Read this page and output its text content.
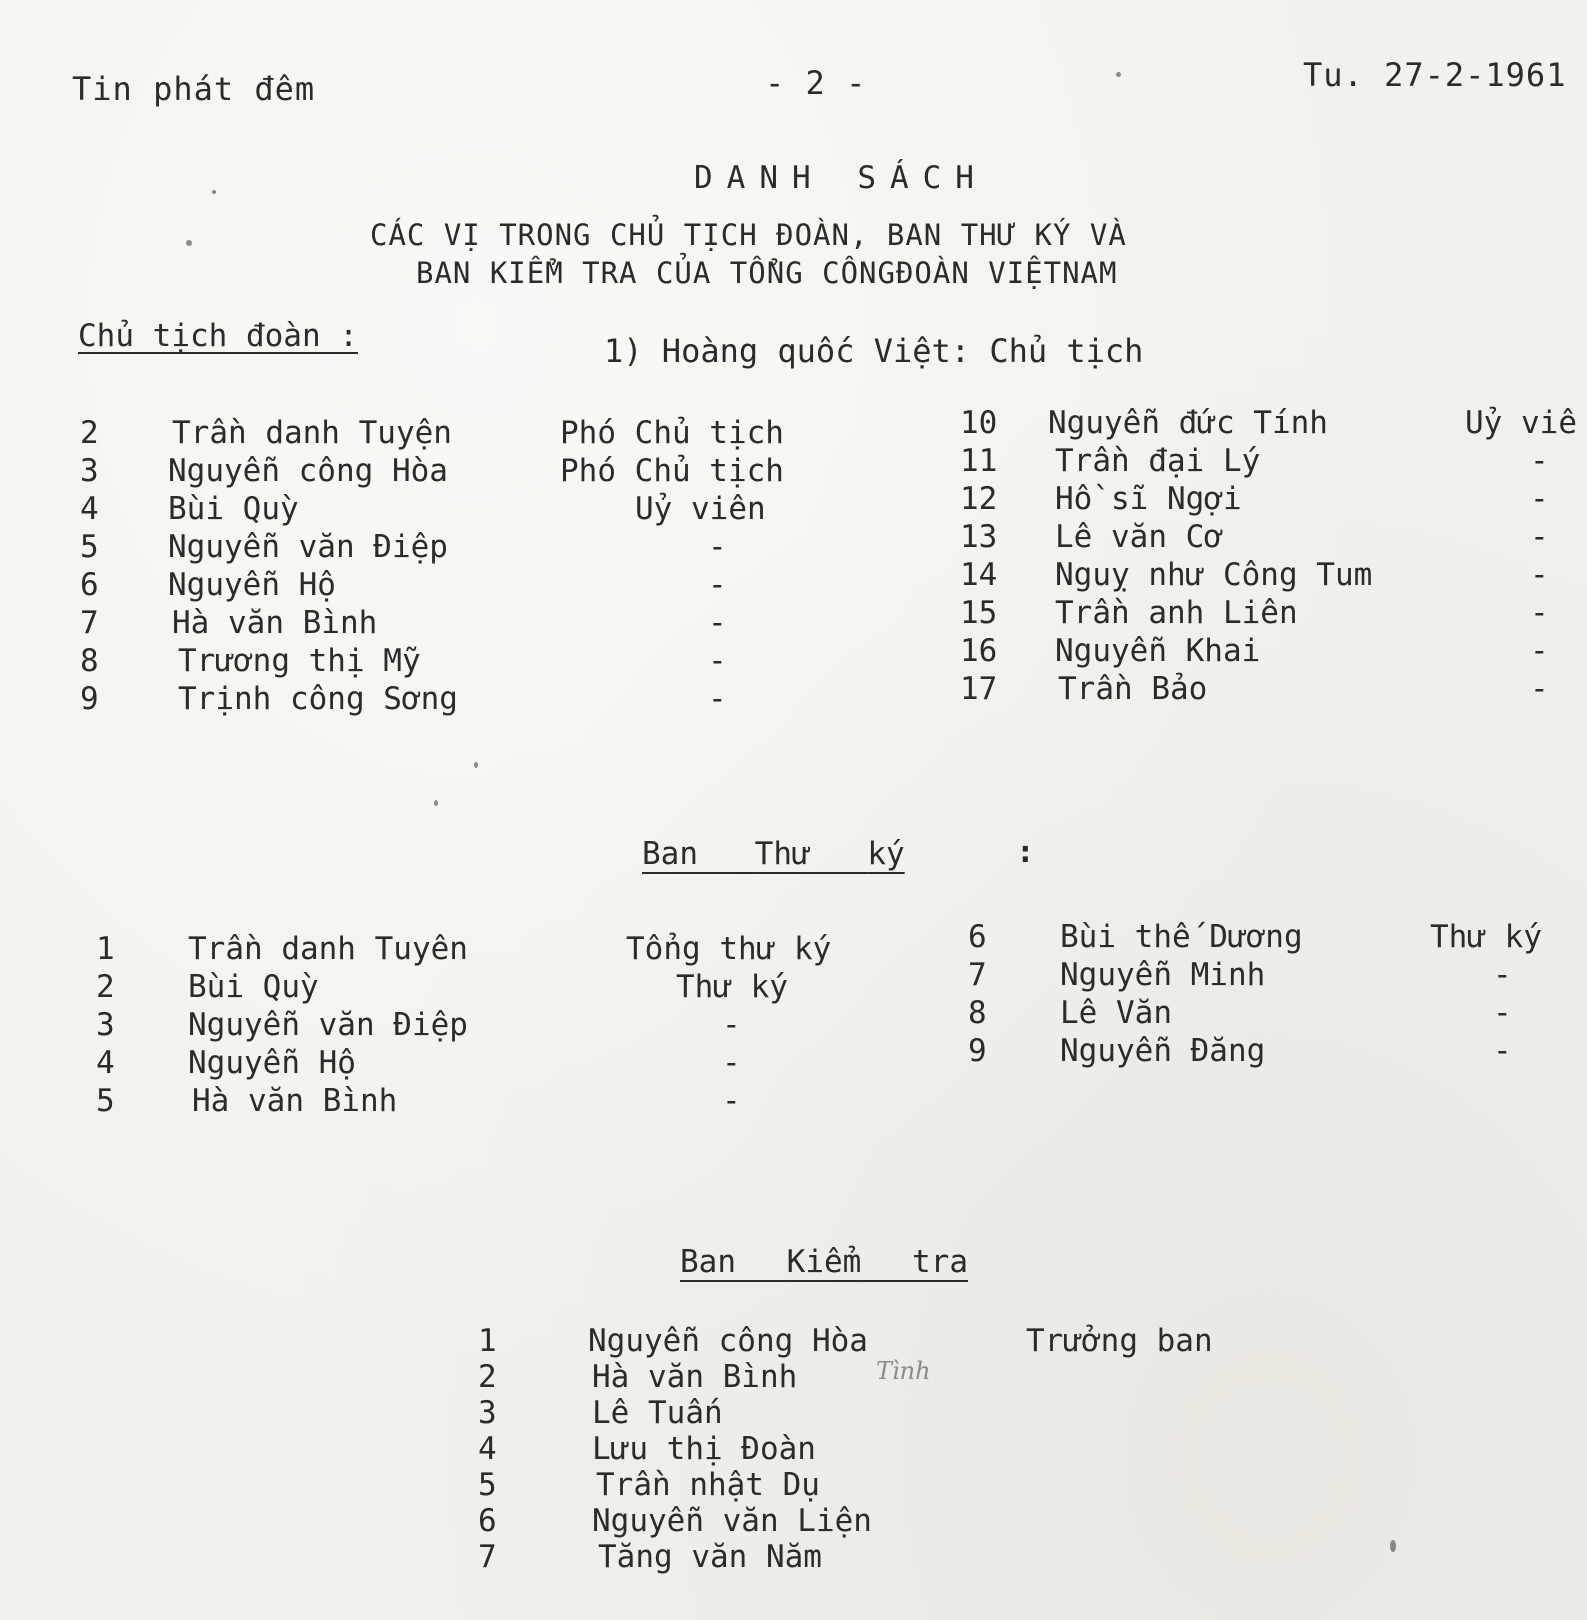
Tin phát đêm	- 2 -	Tu. 27-2-1961
DANH SÁCH
CÁC VỊ TRONG CHỦ TỊCH ĐOÀN, BAN THƯ KÝ VÀ
BAN KIỂM TRA CỦA TỔNG CÔNGĐOÀN VIỆTNAM
Chủ tịch đoàn :	1) Hoàng quốc Việt: Chủ tịch
2 Trần danh Tuyện	Phó Chủ tịch
3 Nguyễn công Hòa	Phó Chủ tịch
4 Bùi Quỳ	Uỷ viên
5 Nguyễn văn Điệp	-
6 Nguyễn Hộ	-
7 Hà văn Bình	-
8	Trương thị Mỹ	-
9	Trịnh công Sơng	-
10 Nguyễn đức Tính	Uỷ viê
11 Trần đại Lý	-
12 Hồ sĩ Ngợi	-
13 Lê văn Cơ	-
14 Nguỵ như Công Tum	-
15 Trần anh Liên	-
16 Nguyễn Khai	-
17 Trần Bảo	-
Ban Thư ký	:
1 Trần danh Tuyên	Tổng thư ký
2 Bùi Quỳ	Thư ký
3 Nguyễn văn Điệp	-
4 Nguyễn Hộ	-
5 Hà văn Bình	-
6 Bùi thế Dương	Thư ký
7 Nguyễn Minh	-
8 Lê Văn	-
9 Nguyễn Đăng	-
Ban Kiểm tra
1	Nguyễn công Hòa	Trưởng ban
2	Hà văn Bình	Tình
3	Lê Tuấn
4	Lưu thị Đoàn
5	Trần nhật Dụ
6	Nguyễn văn Liện
7	Tăng văn Năm
